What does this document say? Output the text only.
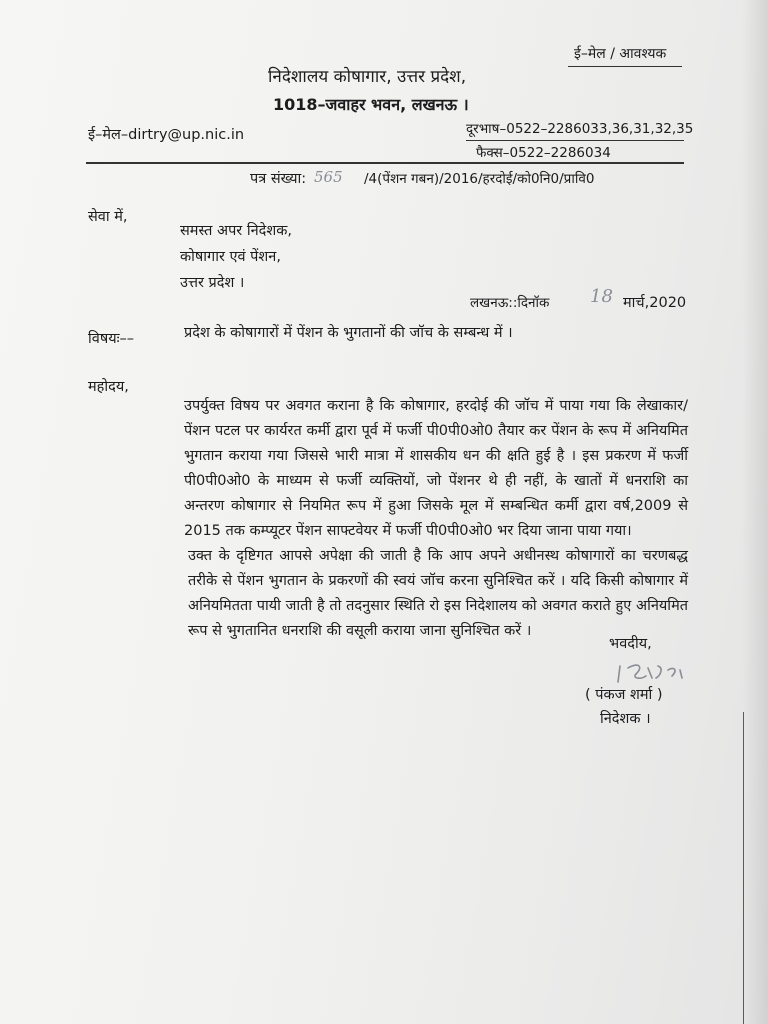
ई–मेल / आवश्यक
निदेशालय कोषागार, उत्तर प्रदेश,
1018–जवाहर भवन, लखनऊ ।
ई–मेल–dirtry@up.nic.in	दूरभाष–0522–2286033,36,31,32,35
फैक्स–0522–2286034
पत्र संख्या: 565 /4(पेंशन गबन)/2016/हरदोई/को0नि0/प्रावि0
सेवा में,
समस्त अपर निदेशक,
कोषागार एवं पेंशन,
उत्तर प्रदेश ।
लखनऊ::दिनॉक 18 मार्च,2020
विषयः––	प्रदेश के कोषागारों में पेंशन के भुगतानों की जॉच के सम्बन्ध में ।
महोदय,

उपर्युक्त विषय पर अवगत कराना है कि कोषागार, हरदोई की जॉच में पाया गया कि लेखाकार/पेंशन पटल पर कार्यरत कर्मी द्वारा पूर्व में फर्जी पी0पी0ओ0 तैयार कर पेंशन के रूप में अनियमित भुगतान कराया गया जिससे भारी मात्रा में शासकीय धन की क्षति हुई है । इस प्रकरण में फर्जी पी0पी0ओ0 के माध्यम से फर्जी व्यक्तियों, जो पेंशनर थे ही नहीं, के खातों में धनराशि का अन्तरण कोषागार से नियमित रूप में हुआ जिसके मूल में सम्बन्धित कर्मी द्वारा वर्ष,2009 से 2015 तक कम्प्यूटर पेंशन साफ्टवेयर में फर्जी पी0पी0ओ0 भर दिया जाना पाया गया।

उक्त के दृष्टिगत आपसे अपेक्षा की जाती है कि आप अपने अधीनस्थ कोषागारों का चरणबद्ध तरीके से पेंशन भुगतान के प्रकरणों की स्वयं जॉच करना सुनिश्चित करें । यदि किसी कोषागार में अनियमितता पायी जाती है तो तदनुसार स्थिति रो इस निदेशालय को अवगत कराते हुए अनियमित रूप से भुगतानित धनराशि की वसूली कराया जाना सुनिश्चित करें ।

भवदीय,
( पंकज शर्मा )
निदेशक ।
